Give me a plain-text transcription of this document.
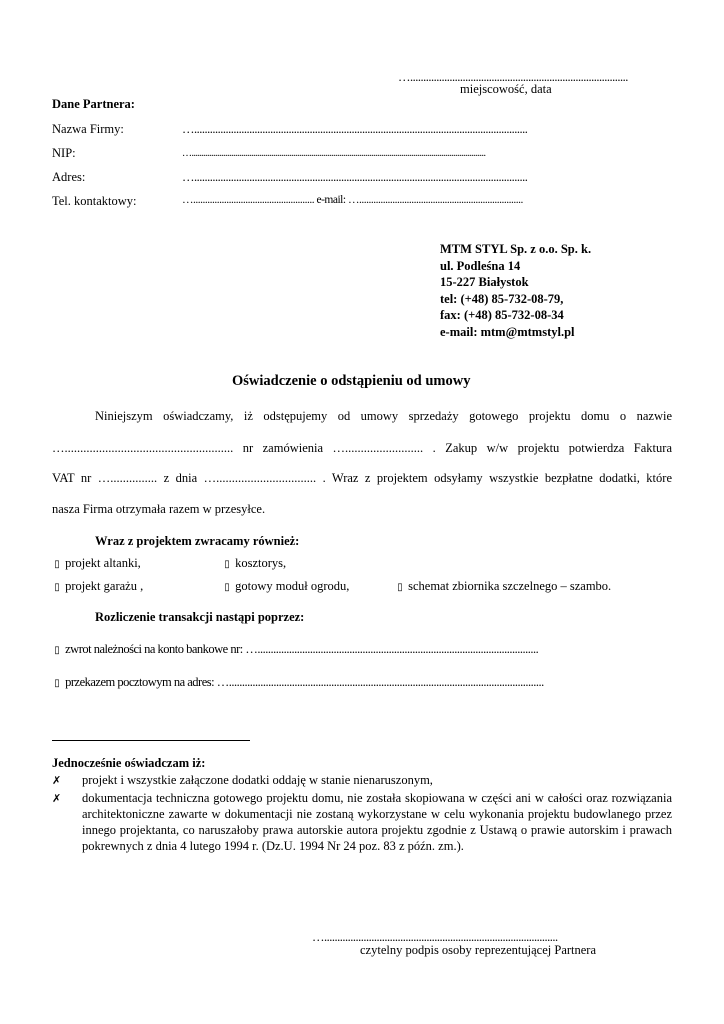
…...................................................................................
miejscowość, data
Dane Partnera:
Nazwa Firmy:	…...............................................................................................................................
NIP:	…...................................................................................................................................................
Adres:	…...............................................................................................................................
Tel. kontaktowy:	…................................................... e-mail: ….....................................................................
MTM STYL Sp. z o.o. Sp. k.
ul. Podleśna 14
15-227 Białystok
tel: (+48) 85-732-08-79,
fax: (+48) 85-732-08-34
e-mail: mtm@mtmstyl.pl
Oświadczenie o odstąpieniu od umowy
Niniejszym oświadczamy, iż odstępujemy od umowy sprzedaży gotowego projektu domu o nazwie
…...................................................... nr zamówienia …......................... . Zakup w/w projektu potwierdza Faktura
VAT nr …............... z dnia …................................ . Wraz z projektem odsyłamy wszystkie bezpłatne dodatki, które
nasza Firma otrzymała razem w przesyłce.
Wraz z projektem zwracamy również:
▯ projekt altanki,	▯ kosztorys,
▯ projekt garażu ,	▯ gotowy moduł ogrodu,	▯ schemat zbiornika szczelnego – szambo.
Rozliczenie transakcji nastąpi poprzez:
▯ zwrot należności na konto bankowe nr: …...........................................................................................................
▯ przekazem pocztowym na adres: …........................................................................................................................
Jednocześnie oświadczam iż:
✗ projekt i wszystkie załączone dodatki oddaję w stanie nienaruszonym,
✗ dokumentacja techniczna gotowego projektu domu, nie została skopiowana w części ani w całości oraz rozwiązania architektoniczne zawarte w dokumentacji nie zostaną wykorzystane w celu wykonania projektu budowlanego przez innego projektanta, co naruszałoby prawa autorskie autora projektu zgodnie z Ustawą o prawie autorskim i prawach pokrewnych z dnia 4 lutego 1994 r. (Dz.U. 1994 Nr 24 poz. 83 z późn. zm.).
….........................................................................................
czytelny podpis osoby reprezentującej Partnera
